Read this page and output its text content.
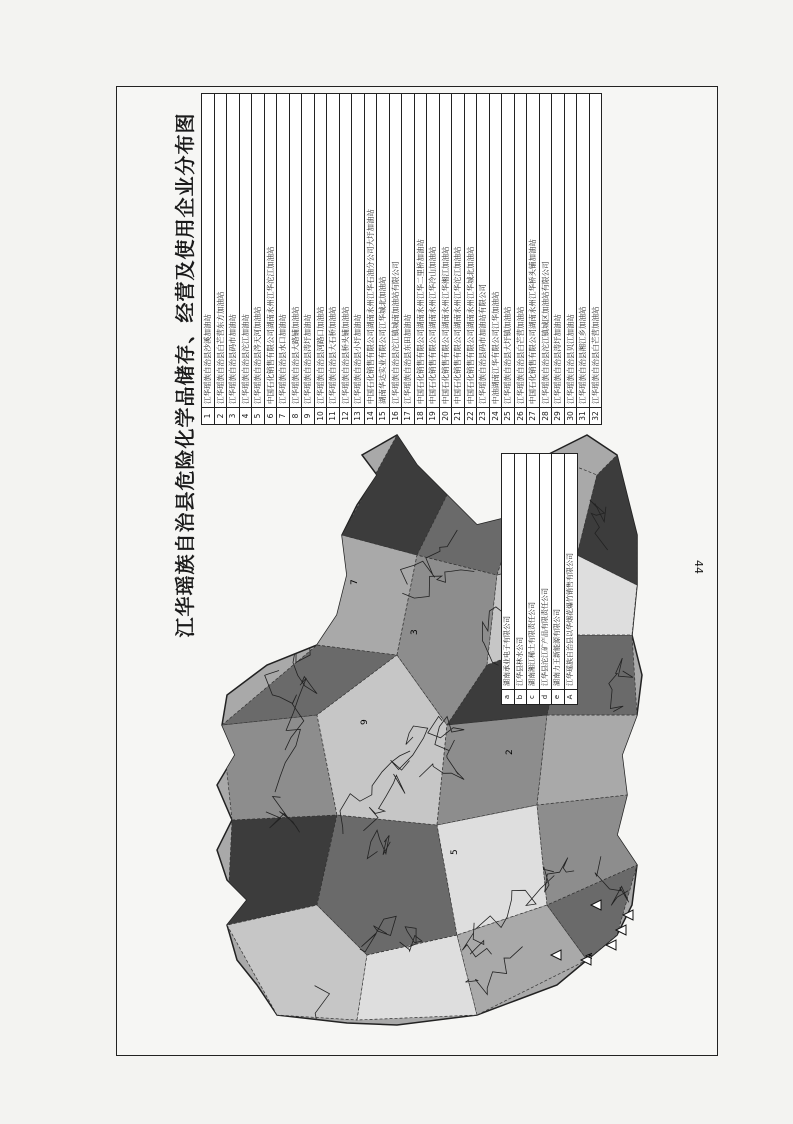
江华瑶族自治县危险化学品储存、经营及使用企业分布图
A
2
9
3
5
7
1
江华瑶族自治县沙溪加油站
2
江华瑶族自治县白芒营东方加油站
3
江华瑶族自治县码市加油站
4
江华瑶族自治县沱江加油站
5
江华瑶族自治县涔天河加油站
6
中国石化销售有限公司湖南永州江华沱江加油站
7
江华瑶族自治县水口加油站
8
江华瑶族自治县大路铺加油站
9
江华瑶族自治县涛圩加油站
10
江华瑶族自治县河路口加油站
11
江华瑶族自治县大石桥加油站
12
江华瑶族自治县桥头铺加油站
13
江华瑶族自治县小圩加油站
14
中国石化销售有限公司湖南永州江华石油分公司大圩加油站
15
湖南华达实业有限公司江华城北加油站
16
江华瑶族自治县沱江镇城南加油站有限公司
17
江华瑶族自治县东田加油站
18
中国石化销售有限公司湖南永州江华二里桥加油站
19
中国石化销售有限公司湖南永州江华冷山加油站
20
中国石化销售有限公司湖南永州江华湘江加油站
21
中国石化销售有限公司湖南永州江华沱江加油站
22
中国石化销售有限公司湖南永州江华城北加油站
23
江华瑶族自治县码市加油站有限公司
24
中油湖南江华有限公司江华加油站
25
江华瑶族自治县大圩镇加油站
26
江华瑶族自治县白芒营加油站
27
中国石化销售有限公司湖南永州江华桥头铺加油站
28
江华瑶族自治县沱江镇城区加油站有限公司
29
江华瑶族自治县涛圩加油站
30
江华瑶族自治县贝江加油站
31
江华瑶族自治县湘江乡加油站
32
江华瑶族自治县白芒营加油站
a
湖南承业电子有限公司
b
江华县林水公司
c
湖南湘江稀土有限责任公司
d
江华县沱江矿产品有限责任公司
e
湖南力王新能源有限公司
A
江华瑶族自治县以华烟花爆竹销售有限公司	44
